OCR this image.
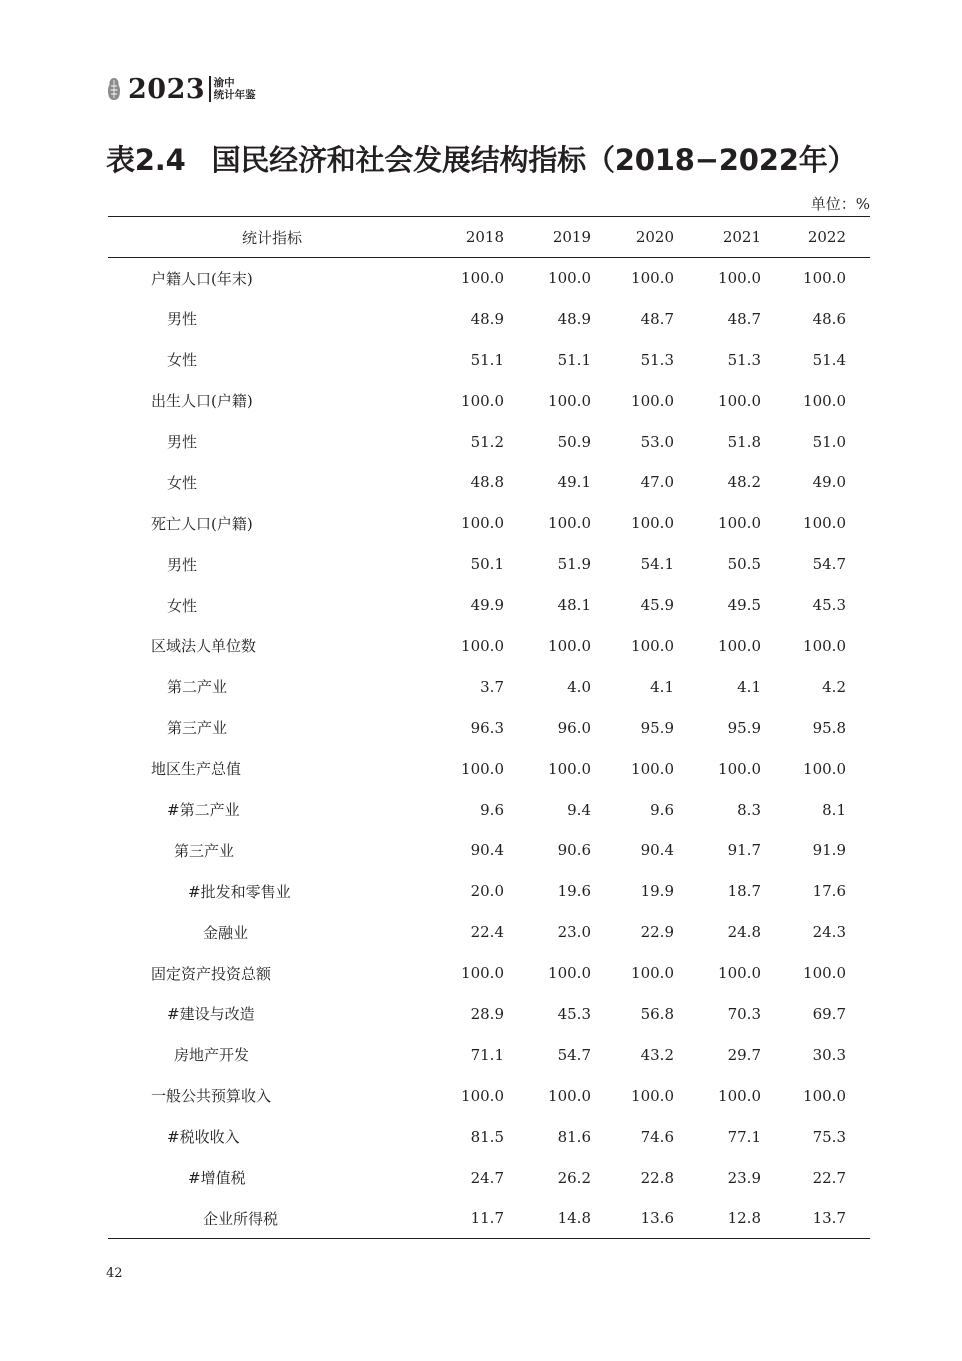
2023 渝中
统计年鉴
表2.4 国民经济和社会发展结构指标（2018−2022年）
单位：%
统计指标	2018	2019	2020	2021	2022
户籍人口(年末)	100.0	100.0	100.0	100.0	100.0
男性	48.9	48.9	48.7	48.7	48.6
女性	51.1	51.1	51.3	51.3	51.4
出生人口(户籍)	100.0	100.0	100.0	100.0	100.0
男性	51.2	50.9	53.0	51.8	51.0
女性	48.8	49.1	47.0	48.2	49.0
死亡人口(户籍)	100.0	100.0	100.0	100.0	100.0
男性	50.1	51.9	54.1	50.5	54.7
女性	49.9	48.1	45.9	49.5	45.3
区域法人单位数	100.0	100.0	100.0	100.0	100.0
第二产业	3.7	4.0	4.1	4.1	4.2
第三产业	96.3	96.0	95.9	95.9	95.8
地区生产总值	100.0	100.0	100.0	100.0	100.0
#第二产业	9.6	9.4	9.6	8.3	8.1
第三产业	90.4	90.6	90.4	91.7	91.9
#批发和零售业	20.0	19.6	19.9	18.7	17.6
金融业	22.4	23.0	22.9	24.8	24.3
固定资产投资总额	100.0	100.0	100.0	100.0	100.0
#建设与改造	28.9	45.3	56.8	70.3	69.7
房地产开发	71.1	54.7	43.2	29.7	30.3
一般公共预算收入	100.0	100.0	100.0	100.0	100.0
#税收收入	81.5	81.6	74.6	77.1	75.3
#增值税	24.7	26.2	22.8	23.9	22.7
企业所得税	11.7	14.8	13.6	12.8	13.7
42
